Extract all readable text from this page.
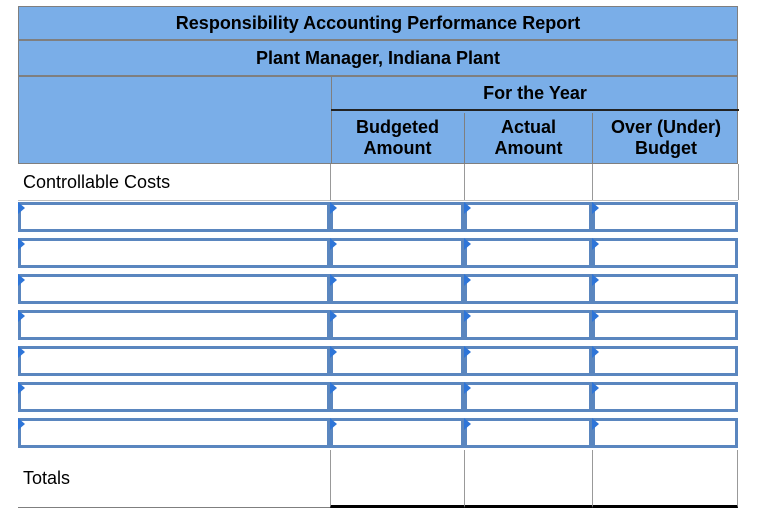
Responsibility Accounting Performance Report
Plant Manager, Indiana Plant
For the Year
Budgeted
Amount
Actual
Amount
Over (Under)
Budget
Controllable Costs
Totals
